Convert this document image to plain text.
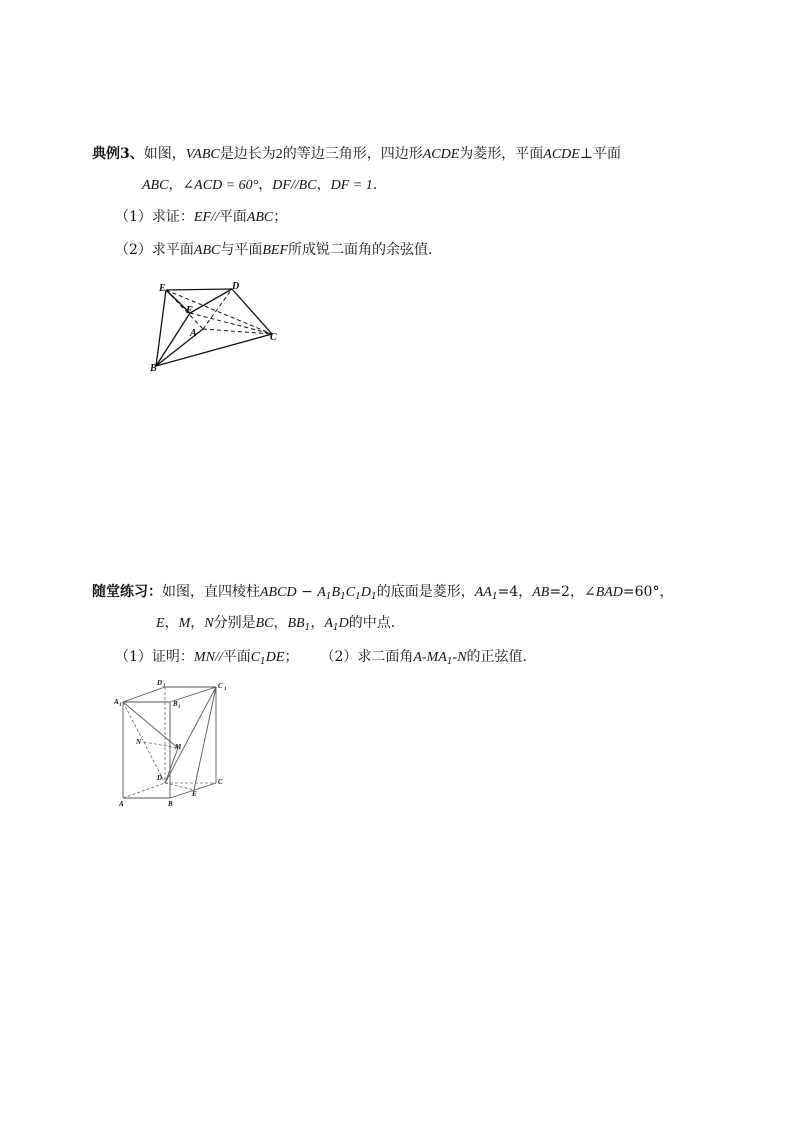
典例3、如图，VABC是边长为2的等边三角形，四边形ACDE为菱形，平面ACDE⊥平面
ABC，∠ACD = 60°，DF//BC，DF = 1.
（1）求证：EF//平面ABC；
（2）求平面ABC与平面BEF所成锐二面角的余弦值.
E	D
F
A	C
B
随堂练习：如图，直四棱柱ABCD − $A_1B_1C_1D_1$的底面是菱形，$AA_1=4$，AB=2，∠BAD=60°，
E，M，N分别是BC，$BB_1$，$A_1D$的中点.
（1）证明：MN//平面$C_1DE$； （2）求二面角$A-MA_1-N$的正弦值.
D 1	C 1
A 1	B 1
N
M
D	C
A	B
E
